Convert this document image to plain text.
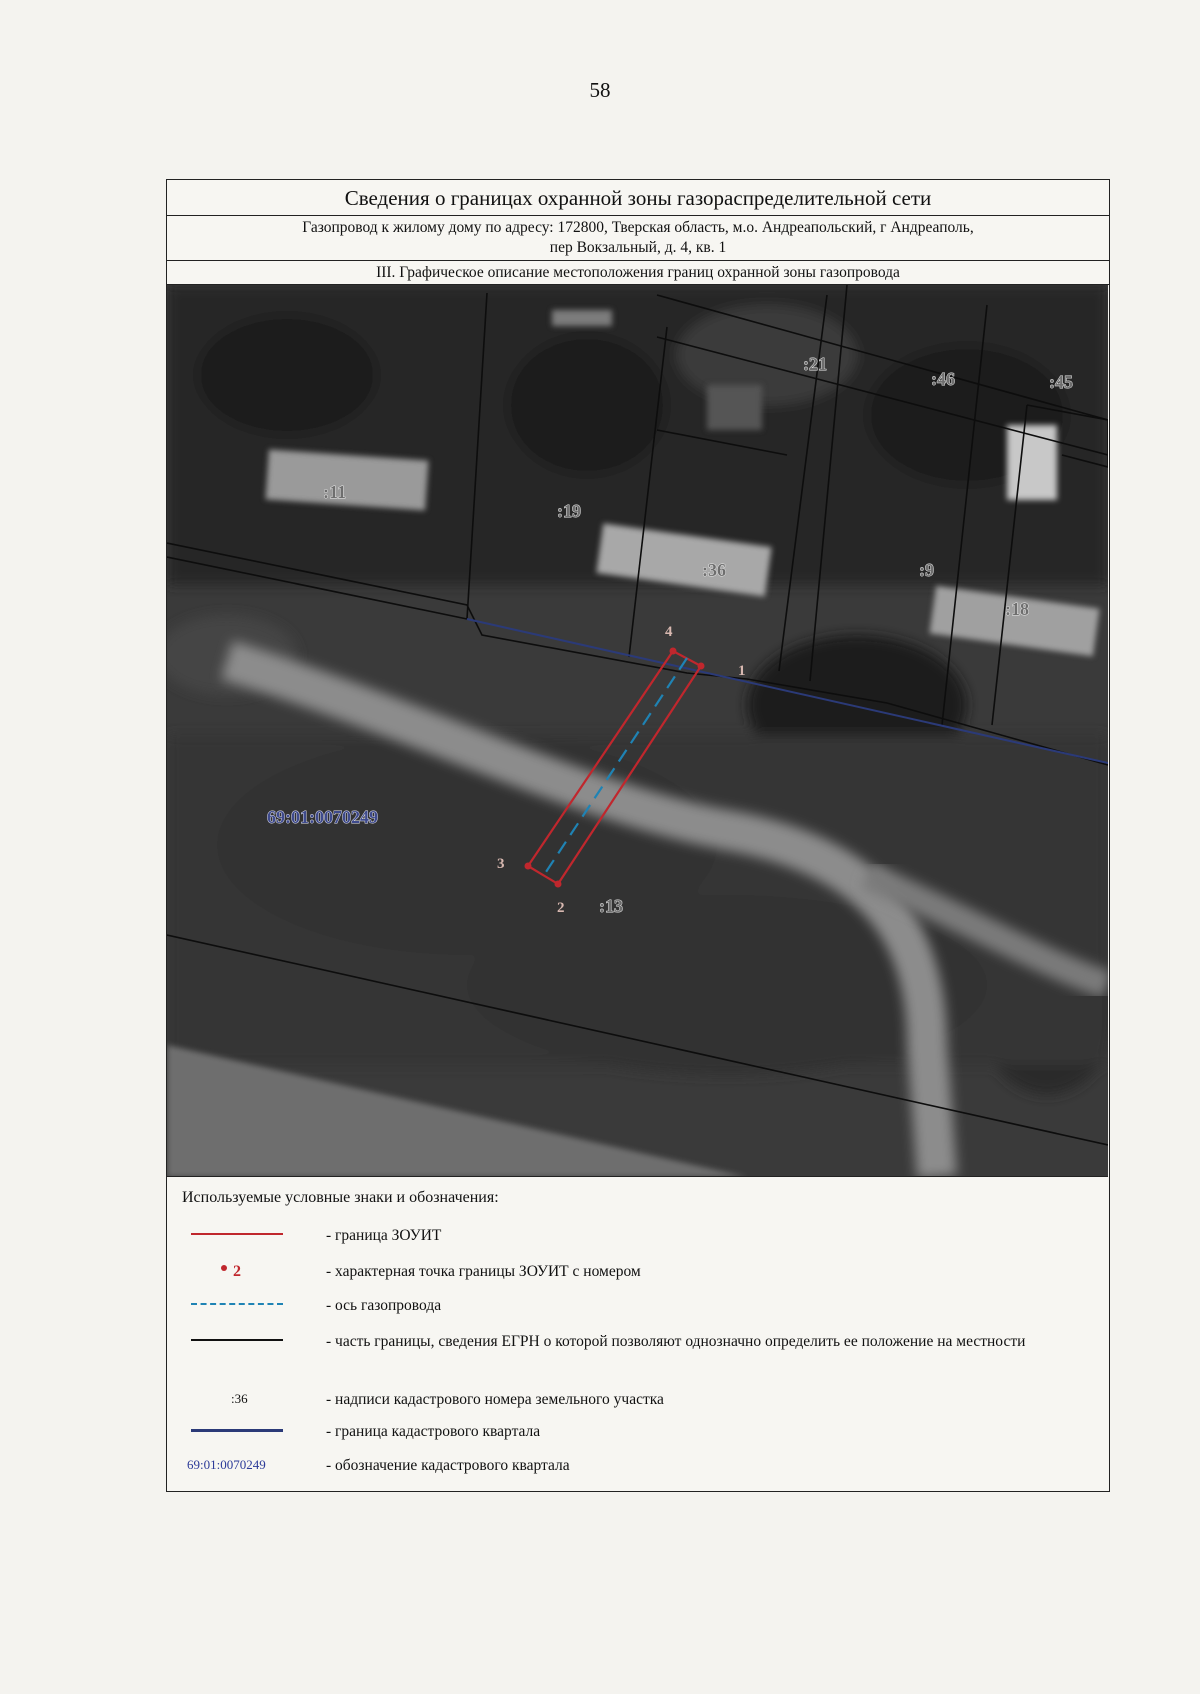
58
Сведения о границах охранной зоны газораспределительной сети
Газопровод к жилому дому по адресу: 172800, Тверская область, м.о. Андреапольский, г Андреаполь,
пер Вокзальный, д. 4, кв. 1
III. Графическое описание местоположения границ охранной зоны газопровода
1
2
3
4
:21
:46	:45
:11
:19
:36	:9
:18
:13
69:01:0070249
Используемые условные знаки и обозначения:
- граница ЗОУИТ
2	- характерная точка границы ЗОУИТ с номером
- ось газопровода
- часть границы, сведения ЕГРН о которой позволяют однозначно определить ее положение на местности
:36	- надписи кадастрового номера земельного участка
- граница кадастрового квартала
69:01:0070249	- обозначение кадастрового квартала
